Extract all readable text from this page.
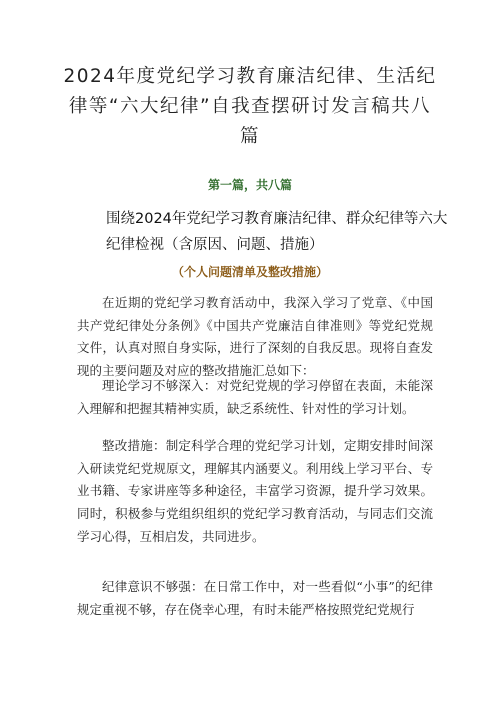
2024年度党纪学习教育廉洁纪律、生活纪律等“六大纪律”自我查摆研讨发言稿共八篇
第一篇，共八篇
围绕2024年党纪学习教育廉洁纪律、群众纪律等六大纪律检视（含原因、问题、措施）
（个人问题清单及整改措施）

在近期的党纪学习教育活动中，我深入学习了党章、《中国共产党纪律处分条例》《中国共产党廉洁自律准则》等党纪党规文件，认真对照自身实际，进行了深刻的自我反思。现将自查发现的主要问题及对应的整改措施汇总如下：

理论学习不够深入：对党纪党规的学习停留在表面，未能深入理解和把握其精神实质，缺乏系统性、针对性的学习计划。

整改措施：制定科学合理的党纪学习计划，定期安排时间深入研读党纪党规原文，理解其内涵要义。利用线上学习平台、专业书籍、专家讲座等多种途径，丰富学习资源，提升学习效果。同时，积极参与党组织组织的党纪学习教育活动，与同志们交流学习心得，互相启发，共同进步。

纪律意识不够强：在日常工作中，对一些看似“小事”的纪律规定重视不够，存在侥幸心理，有时未能严格按照党纪党规行
